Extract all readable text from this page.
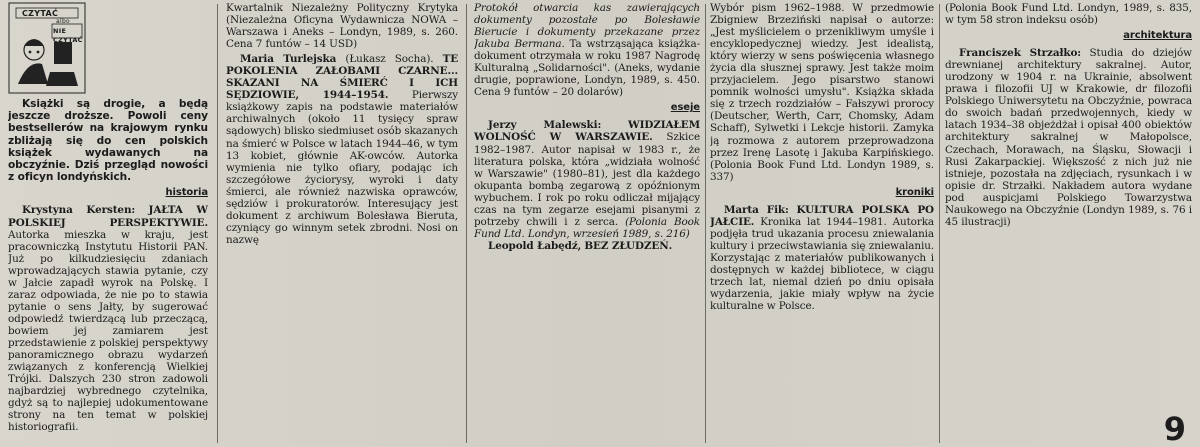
CZYTAĆ
albo
NIE CZYTAĆ

Książki są drogie, a będą jeszcze droższe. Powoli ceny bestsellerów na krajowym rynku zbliżają się do cen polskich książek wydawanych na obczyźnie. Dziś przegląd nowości z oficyn londyńskich.

historia

Krystyna Kersten: JAŁTA W POLSKIEJ PERSPEKTYWIE. Autorka mieszka w kraju, jest pracowniczką Instytutu Historii PAN. Już po kilkudziesięciu zdaniach wprowadzających stawia pytanie, czy w Jałcie zapadł wyrok na Polskę. I zaraz odpowiada, że nie po to stawia pytanie o sens Jałty, by sugerować odpowiedź twierdzącą lub przeczącą, bowiem jej zamiarem jest przedstawienie z polskiej perspektywy panoramicznego obrazu wydarzeń związanych z konferencją Wielkiej Trójki. Dalszych 230 stron zadowoli najbardziej wybrednego czytelnika, gdyż są to najlepiej udokumentowane strony na ten temat w polskiej historiografii.

Kwartalnik Niezależny Polityczny Krytyka (Niezależna Oficyna Wydawnicza NOWA – Warszawa i Aneks – Londyn, 1989, s. 260. Cena 7 funtów – 14 USD)

Maria Turlejska (Łukasz Socha). TE POKOLENIA ZAŁOBAMI CZARNE... SKAZANI NA ŚMIERĆ I ICH SĘDZIOWIE, 1944–1954. Pierwszy książkowy zapis na podstawie materiałów archiwalnych (około 11 tysięcy spraw sądowych) blisko siedmiuset osób skazanych na śmierć w Polsce w latach 1944–46, w tym 13 kobiet, głównie AK-owców. Autorka wymienia nie tylko ofiary, podając ich szczegółowe życiorysy, wyroki i daty śmierci, ale również nazwiska oprawców, sędziów i prokuratorów. Interesujący jest dokument z archiwum Bolesława Bieruta, czyniący go winnym setek zbrodni. Nosi on nazwę

Protokół otwarcia kas zawierających dokumenty pozostałe po Bolesławie Bierucie i dokumenty przekazane przez Jakuba Bermana. Ta wstrząsająca książka-dokument otrzymała w roku 1987 Nagrodę Kulturalną „Solidarności". (Aneks, wydanie drugie, poprawione, Londyn, 1989, s. 450. Cena 9 funtów – 20 dolarów)

eseje

Jerzy Malewski:	WIDZIAŁEM WOLNOŚĆ W WARSZAWIE. Szkice 1982–1987. Autor napisał w 1983 r., że literatura polska, która „widziała wolność w Warszawie" (1980–81), jest dla każdego okupanta bombą zegarową z opóźnionym wybuchem. I rok po roku odliczał mijający czas na tym zegarze esejami pisanymi z potrzeby chwili i z serca. (Polonia Book Fund Ltd. Londyn, wrzesień 1989, s. 216)

Leopold Łabędź, BEZ ZŁUDZEŃ.

Wybór pism 1962–1988. W przedmowie Zbigniew Brzeziński napisał o autorze: „Jest myślicielem o przenikliwym umyśle i encyklopedycznej wiedzy. Jest idealistą, który wierzy w sens poświęcenia własnego życia dla słusznej sprawy. Jest także moim przyjacielem. Jego pisarstwo stanowi pomnik wolności umysłu". Książka składa się z trzech rozdziałów – Fałszywi prorocy (Deutscher, Werth, Carr, Chomsky, Adam Schaff), Sylwetki i Lekcje historii. Zamyka ją rozmowa z autorem przeprowadzona przez Irenę Lasotę i Jakuba Karpińskiego. (Polonia Book Fund Ltd. Londyn 1989, s. 337)

kroniki

Marta Fik: KULTURA POLSKA PO JAŁCIE. Kronika lat 1944–1981. Autorka podjęła trud ukazania procesu zniewalania kultury i przeciwstawiania się zniewalaniu. Korzystając z materiałów publikowanych i dostępnych w każdej bibliotece, w ciągu trzech lat, niemal dzień po dniu opisała wydarzenia, jakie miały wpływ na życie kulturalne w Polsce.

(Polonia Book Fund Ltd. Londyn, 1989, s. 835, w tym 58 stron indeksu osób)

architektura

Franciszek Strzałko: Studia do dziejów drewnianej architektury sakralnej. Autor, urodzony w 1904 r. na Ukrainie, absolwent prawa i filozofii UJ w Krakowie, dr filozofii Polskiego Uniwersytetu na Obczyźnie, powraca do swoich badań przedwojennych, kiedy w latach 1934–38 objeżdżał i opisał 400 obiektów architektury sakralnej w Małopolsce, Czechach, Morawach, na Śląsku, Słowacji i Rusi Zakarpackiej. Większość z nich już nie istnieje, pozostała na zdjęciach, rysunkach i w opisie dr. Strzałki. Nakładem autora wydane pod auspicjami Polskiego Towarzystwa Naukowego na Obczyźnie (Londyn 1989, s. 76 i 45 ilustracji)

9
